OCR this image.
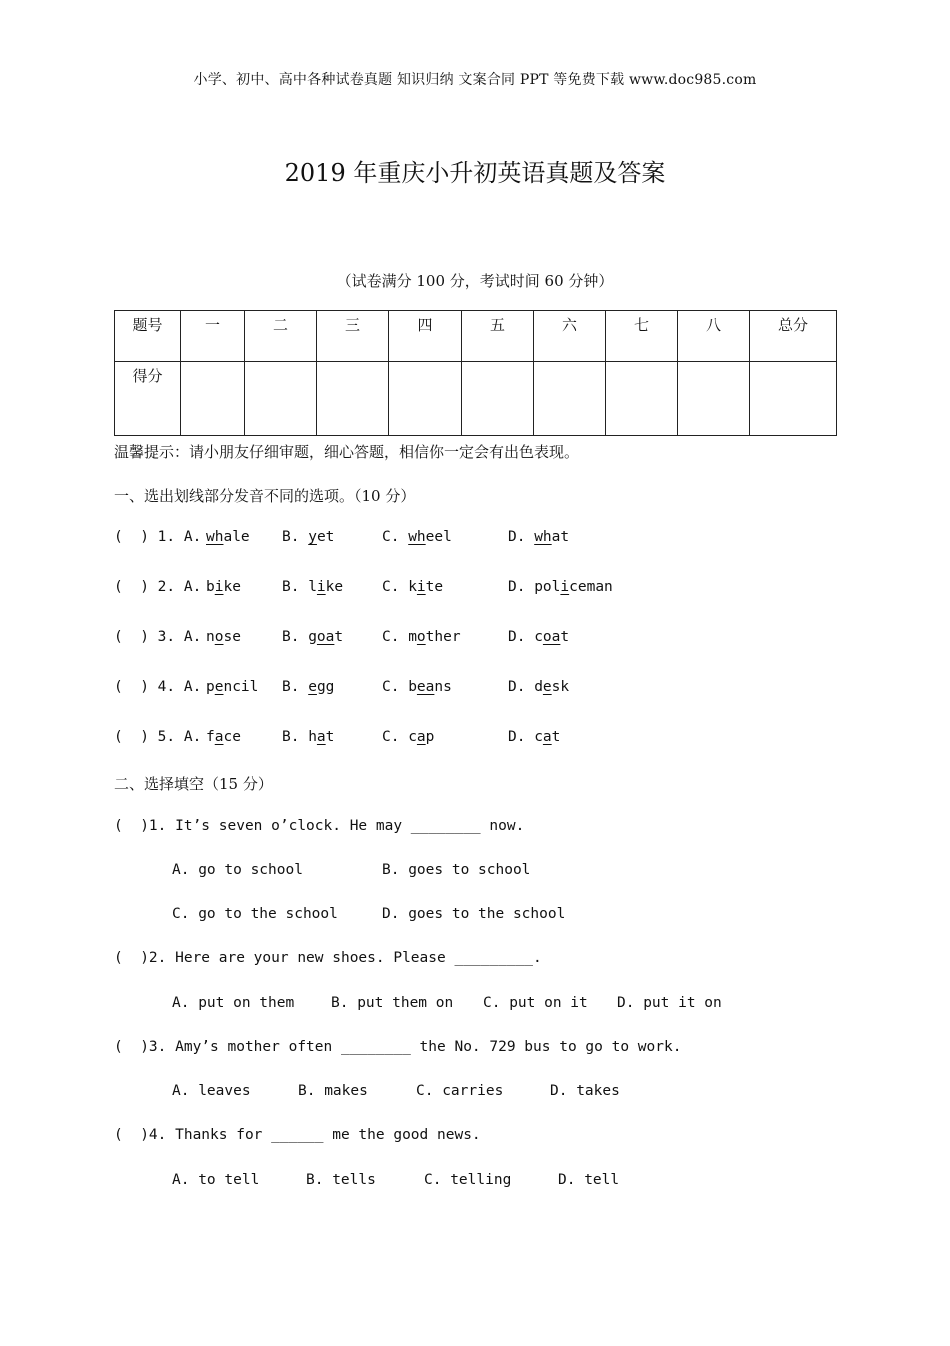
小学、初中、高中各种试卷真题 知识归纳 文案合同 PPT 等免费下载 www.doc985.com
2019 年重庆小升初英语真题及答案
（试卷满分 100 分，考试时间 60 分钟）
题号	一	二	三	四	五	六	七	八	总分
得分									
温馨提示：请小朋友仔细审题，细心答题，相信你一定会有出色表现。
一、选出划线部分发音不同的选项。（10 分）
(  ) 1. A. whale B. yet	C. wheel	D. what
(  ) 2. A. bike	B. like	C. kite	D. policeman
(  ) 3. A. nose	B. goat	C. mother	D. coat
(  ) 4. A. pencil B. egg	C. beans	D. desk
(  ) 5. A. face	B. hat	C. cap	D. cat
二、选择填空（15 分）
(  )1. It’s seven o’clock. He may ________ now.
A. go to school	B. goes to school
C. go to the school	D. goes to the school
(  )2. Here are your new shoes. Please _________.
A. put on them	B. put them on C. put on it D. put it on
(  )3. Amy’s mother often ________ the No. 729 bus to go to work.
A. leaves	B. makes	C. carries	D. takes
(  )4. Thanks for ______ me the good news.
A. to tell	B. tells	C. telling	D. tell
